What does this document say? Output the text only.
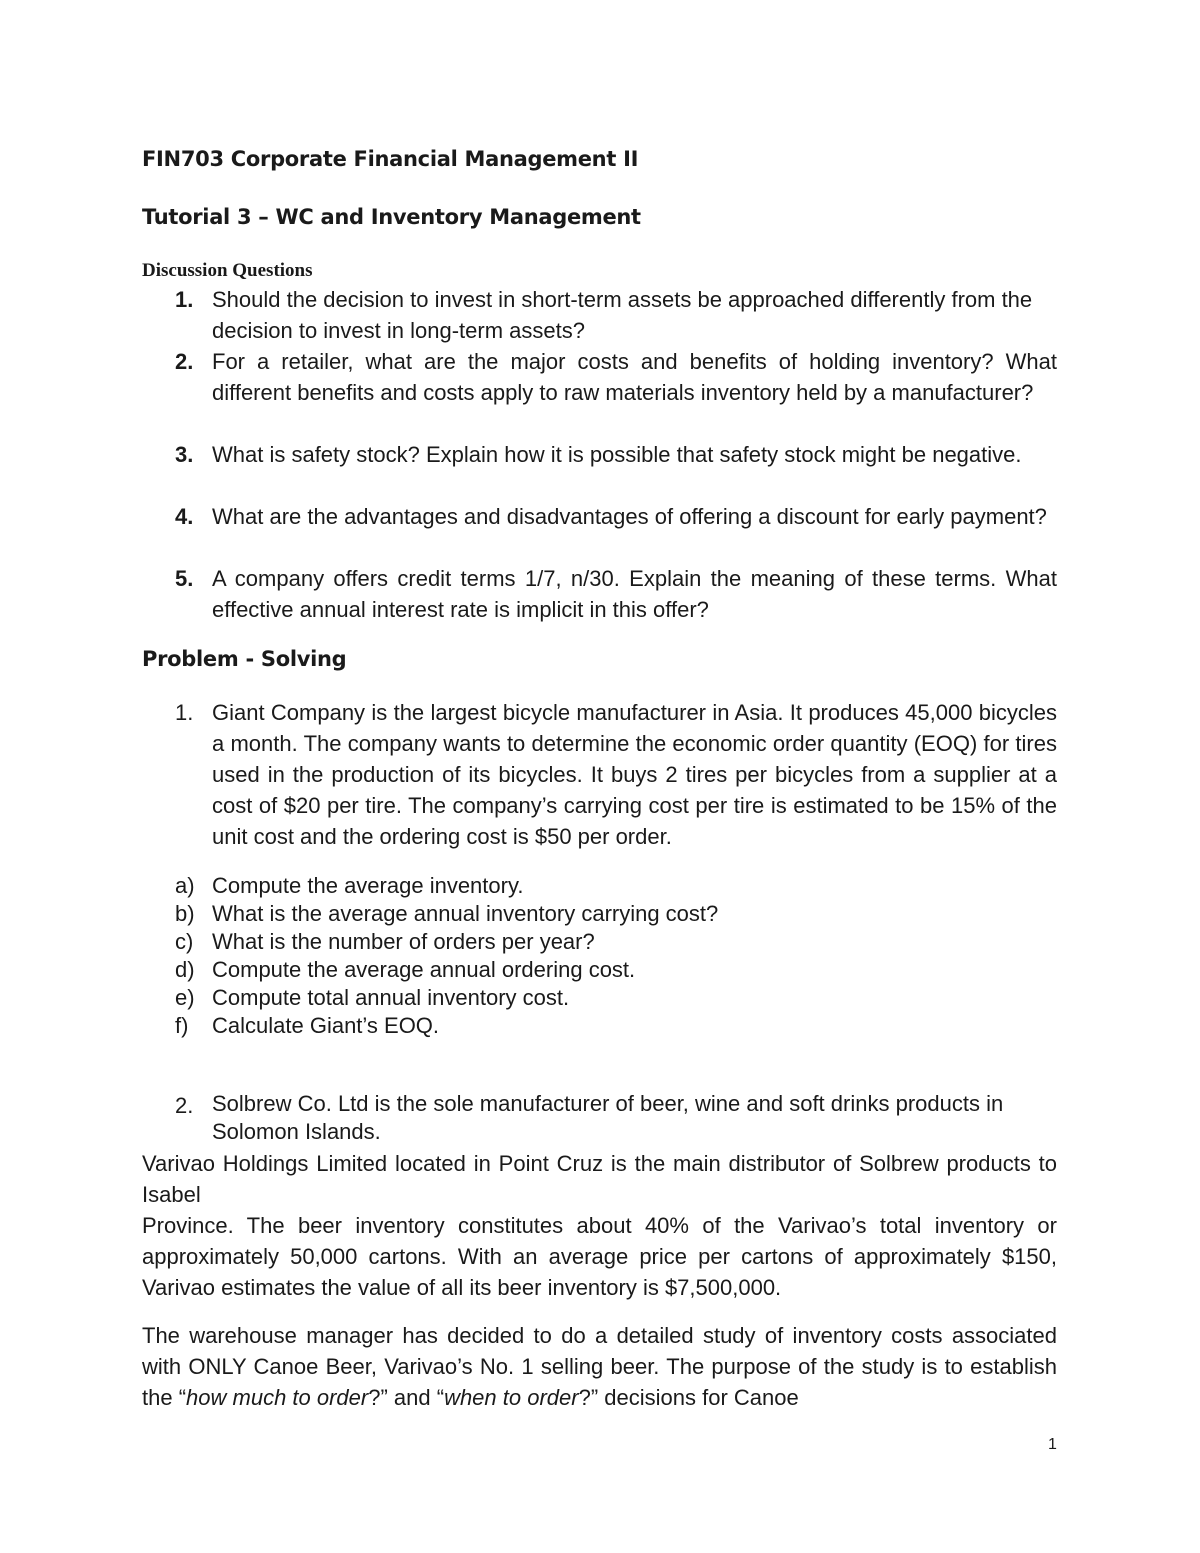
FIN703 Corporate Financial Management II
Tutorial 3 – WC and Inventory Management
Discussion Questions
1. Should the decision to invest in short-term assets be approached differently from the decision to invest in long-term assets?
2. For a retailer, what are the major costs and benefits of holding inventory? What different benefits and costs apply to raw materials inventory held by a manufacturer?
3. What is safety stock? Explain how it is possible that safety stock might be negative.
4. What are the advantages and disadvantages of offering a discount for early payment?
5. A company offers credit terms 1/7, n/30. Explain the meaning of these terms. What effective annual interest rate is implicit in this offer?
Problem - Solving
1. Giant Company is the largest bicycle manufacturer in Asia. It produces 45,000 bicycles a month. The company wants to determine the economic order quantity (EOQ) for tires used in the production of its bicycles. It buys 2 tires per bicycles from a supplier at a cost of $20 per tire. The company’s carrying cost per tire is estimated to be 15% of the unit cost and the ordering cost is $50 per order.
a) Compute the average inventory.
b) What is the average annual inventory carrying cost?
c) What is the number of orders per year?
d) Compute the average annual ordering cost.
e) Compute total annual inventory cost.
f) Calculate Giant’s EOQ.
2. Solbrew Co. Ltd is the sole manufacturer of beer, wine and soft drinks products in Solomon Islands.
Varivao Holdings Limited located in Point Cruz is the main distributor of Solbrew products to Isabel
Province. The beer inventory constitutes about 40% of the Varivao’s total inventory or approximately 50,000 cartons. With an average price per cartons of approximately $150, Varivao estimates the value of all its beer inventory is $7,500,000.
The warehouse manager has decided to do a detailed study of inventory costs associated with ONLY Canoe Beer, Varivao’s No. 1 selling beer. The purpose of the study is to establish the “how much to order?” and “when to order?” decisions for Canoe
1
